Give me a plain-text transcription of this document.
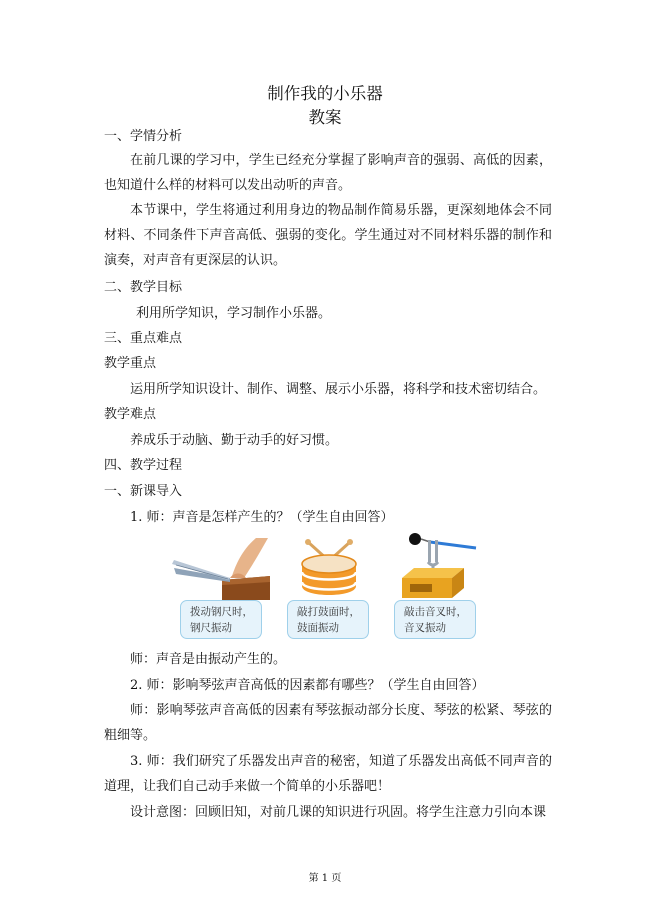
制作我的小乐器
教案
一、学情分析
在前几课的学习中，学生已经充分掌握了影响声音的强弱、高低的因素，也知道什么样的材料可以发出动听的声音。
本节课中，学生将通过利用身边的物品制作简易乐器，更深刻地体会不同材料、不同条件下声音高低、强弱的变化。学生通过对不同材料乐器的制作和演奏，对声音有更深层的认识。
二、教学目标
利用所学知识，学习制作小乐器。
三、重点难点
教学重点
运用所学知识设计、制作、调整、展示小乐器，将科学和技术密切结合。
教学难点
养成乐于动脑、勤于动手的好习惯。
四、教学过程
一、新课导入
1. 师：声音是怎样产生的？（学生自由回答）
拨动钢尺时，
钢尺振动
敲打鼓面时，
鼓面振动
敲击音叉时，
音叉振动
师：声音是由振动产生的。
2. 师：影响琴弦声音高低的因素都有哪些？（学生自由回答）
师：影响琴弦声音高低的因素有琴弦振动部分长度、琴弦的松紧、琴弦的粗细等。
3. 师：我们研究了乐器发出声音的秘密，知道了乐器发出高低不同声音的道理，让我们自己动手来做一个简单的小乐器吧！
设计意图：回顾旧知，对前几课的知识进行巩固。将学生注意力引向本课
第 1 页
